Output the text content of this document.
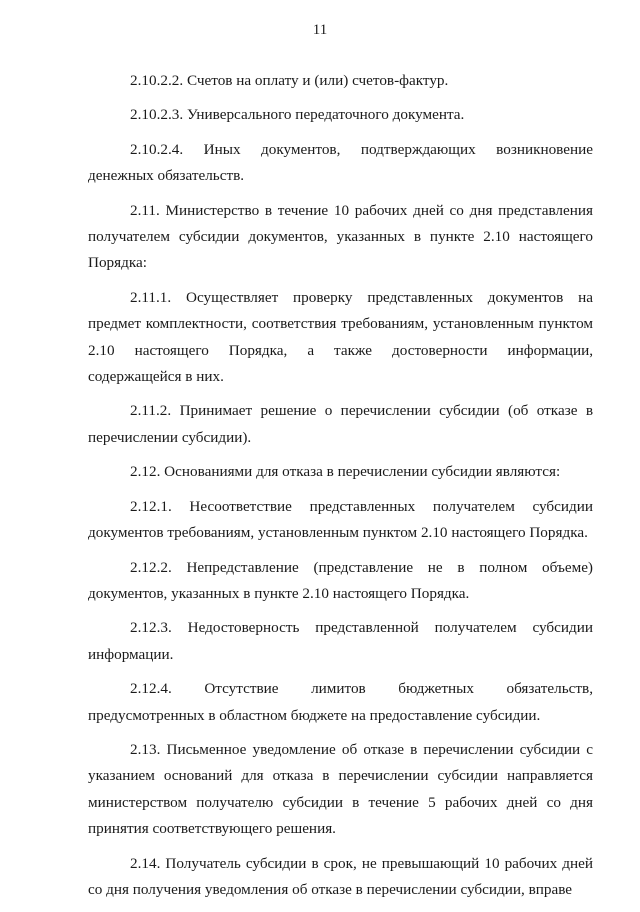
11

2.10.2.2. Счетов на оплату и (или) счетов-фактур.

2.10.2.3. Универсального передаточного документа.

2.10.2.4. Иных документов, подтверждающих возникновение денежных обязательств.

2.11. Министерство в течение 10 рабочих дней со дня представления получателем субсидии документов, указанных в пункте 2.10 настоящего Порядка:

2.11.1. Осуществляет проверку представленных документов на предмет комплектности, соответствия требованиям, установленным пунктом 2.10 настоящего Порядка, а также достоверности информации, содержащейся в них.

2.11.2. Принимает решение о перечислении субсидии (об отказе в перечислении субсидии).

2.12. Основаниями для отказа в перечислении субсидии являются:

2.12.1. Несоответствие представленных получателем субсидии документов требованиям, установленным пунктом 2.10 настоящего Порядка.

2.12.2. Непредставление (представление не в полном объеме) документов, указанных в пункте 2.10 настоящего Порядка.

2.12.3. Недостоверность представленной получателем субсидии информации.

2.12.4. Отсутствие лимитов бюджетных обязательств, предусмотренных в областном бюджете на предоставление субсидии.

2.13. Письменное уведомление об отказе в перечислении субсидии с указанием оснований для отказа в перечислении субсидии направляется министерством получателю субсидии в течение 5 рабочих дней со дня принятия соответствующего решения.

2.14. Получатель субсидии в срок, не превышающий 10 рабочих дней со дня получения уведомления об отказе в перечислении субсидии, вправе
